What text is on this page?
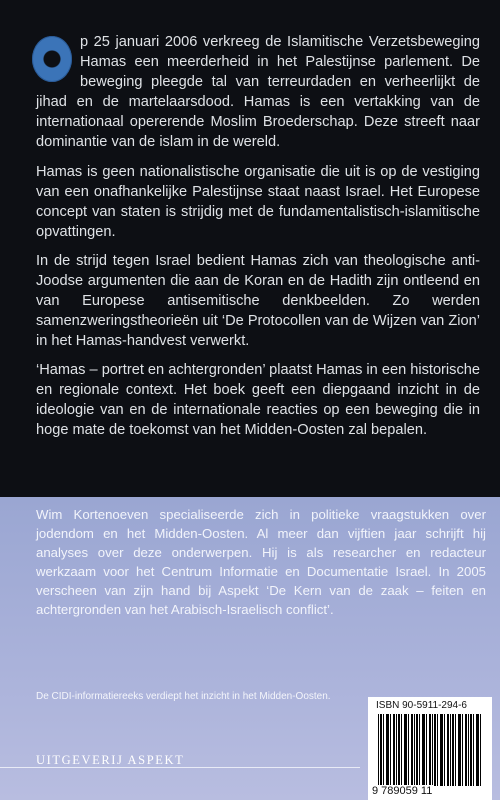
p 25 januari 2006 verkreeg de Islamitische Verzetsbeweging Hamas een meerderheid in het Palestijnse parlement. De beweging pleegde tal van terreurdaden en verheerlijkt de jihad en de martelaarsdood. Hamas is een vertakking van de internationaal opererende Moslim Broederschap. Deze streeft naar dominantie van de islam in de wereld.

Hamas is geen nationalistische organisatie die uit is op de vestiging van een onafhankelijke Palestijnse staat naast Israel. Het Europese concept van staten is strijdig met de fundamentalistisch-islamitische opvattingen.

In de strijd tegen Israel bedient Hamas zich van theologische anti-Joodse argumenten die aan de Koran en de Hadith zijn ontleend en van Europese antisemitische denkbeelden. Zo werden samenzweringstheorieën uit ‘De Protocollen van de Wijzen van Zion’ in het Hamas-handvest verwerkt.

‘Hamas – portret en achtergronden’ plaatst Hamas in een historische en regionale context. Het boek geeft een diepgaand inzicht in de ideologie van en de internationale reacties op een beweging die in hoge mate de toekomst van het Midden-Oosten zal bepalen.

Wim Kortenoeven specialiseerde zich in politieke vraagstukken over jodendom en het Midden-Oosten. Al meer dan vijftien jaar schrijft hij analyses over deze onderwerpen. Hij is als researcher en redacteur werkzaam voor het Centrum Informatie en Documentatie Israel. In 2005 verscheen van zijn hand bij Aspekt ‘De Kern van de zaak – feiten en achtergronden van het Arabisch-Israelisch conflict’.
De CIDI-informatiereeks verdiept het inzicht in het Midden-Oosten.
UITGEVERIJ ASPEKT
ISBN 90-5911-294-6
9 789059 11
